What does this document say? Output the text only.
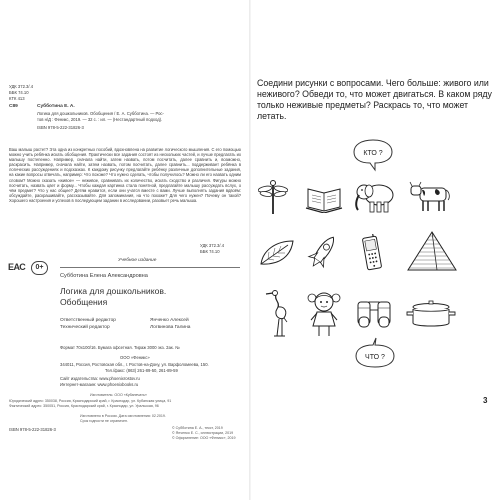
УДК 372.3/.4
ББК 74.10
КТК 413
С89	Субботина Е. А.
Логика для дошкольников. Обобщения / Е. А. Субботина. — Рос-
тов н/Д : Феникс, 2019. — 32 с. : ил. — (Нестандартный подход).
ISBN 978-5-222-31826-3
Ваш малыш растет? Эта одна из конкретных пособий, вдохновлена на развитие логического мышления. С его помощью можно учить ребёнка искать обобщения. Практически все задания состоят из нескольких частей, и лучше предлагать их малышу постепенно. Например, сначала найти, затем назвать, потом посчитать, далее сравнить и, возможно, раскрасить. Например, сначала найти, затем назвать, потом посчитать, далее сравнить... поддерживает ребёнка в логических рассуждениях и подсказках. К каждому рисунку предлагайте ребёнку различные дополнительные задания, на какие вопросы отвечать, например: Что похоже? Что нужно сделать, чтобы получилось? Можно ли его назвать одним словом? Можно сказать «живое» — неживое, сравнивать их количество, искать сходство и различия. Фигуры можно посчитать, назвать цвет и форму... Чтобы каждая картинка стала понятной, предлагайте малышу рассуждать вслух, о чём предмет? Что у нас общее? Детям нравится, если они учатся вместе с вами. Лучше выполнять задания вдвоём: обсуждайте, раскрашивайте, рассказывайте. Для запоминания, на что похоже? Для чего нужен? Почему он такой? Хорошего настроения и успехов в последующем задании в исследовании, разовьет речь малыша.
УДК 372.3/.4
ББК 74.10
ЕАС	0+
Учебное издание
Субботина Елена Александровна
Логика для дошкольников.
Обобщения
Ответственный редактор	Янченко Алексей
Технический редактор	Логвинова Галина
Формат 70х100/16. Бумага офсетная. Тираж 3000 экз. Зак. №
ООО «Феникс»
344011, Россия, Ростовская обл., г. Ростов-на-Дону, ул. Варфоломеева, 150.
Тел./факс: (863) 261-89-50, 261-89-59
Сайт издательства: www.phoenixrostov.ru
Интернет-магазин: www.phoenixbooks.ru
Изготовитель: ООО «Кубанечать»
Юридический адрес: 350038, Россия, Краснодарский край, г. Краснодар, ул. Кубанская улица, 91
Фактический адрес: 350051, Россия, Краснодарский край, г. Краснодар, ул. Уральская, 96
Изготовлено в России. Дата изготовления: 02.2019.
Срок годности не ограничен.
ISBN 978-5-222-31826-3	© Субботина Е. А., текст, 2019
© Янченко Е. С., иллюстрации, 2019
© Оформление: ООО «Феникс», 2019
Соедини рисунки с вопросами. Чего больше: живого или неживого? Обведи то, что может двигаться. В каком ряду только неживые предметы? Раскрась то, что может летать.
КТО ?
ЧТО ?
3
